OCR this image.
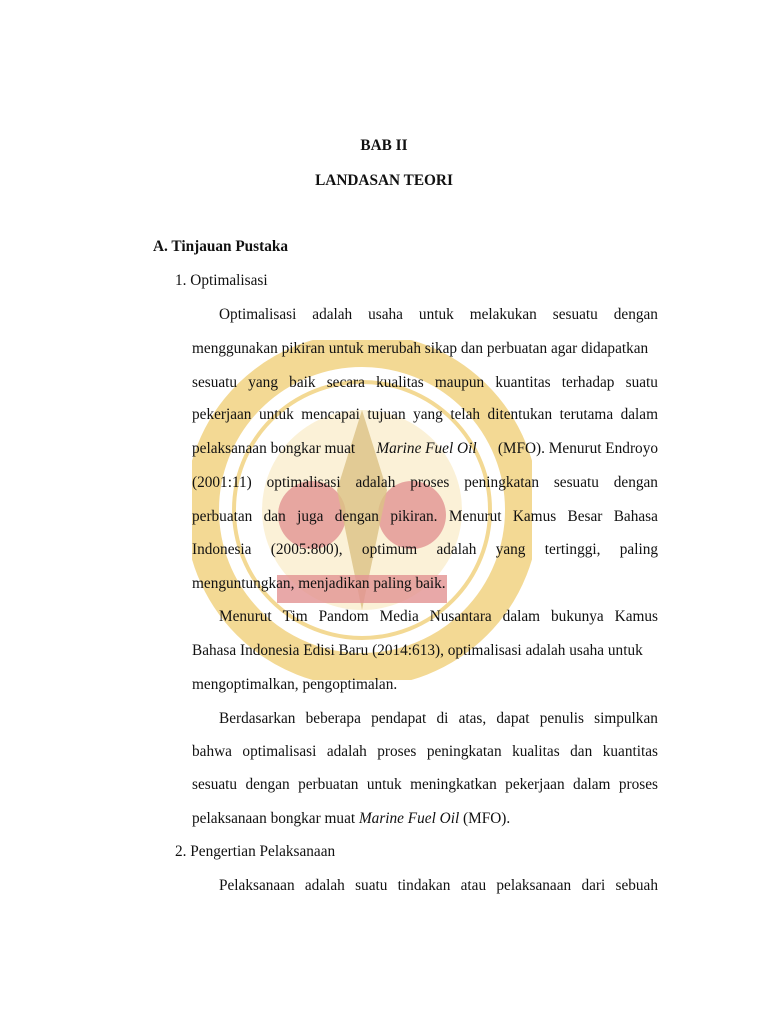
BAB II
LANDASAN TEORI
A. Tinjauan Pustaka
1. Optimalisasi
Optimalisasi adalah usaha untuk melakukan sesuatu dengan
menggunakan pikiran untuk merubah sikap dan perbuatan agar didapatkan
sesuatu yang baik secara kualitas maupun kuantitas terhadap suatu
pekerjaan untuk mencapai tujuan yang telah ditentukan terutama dalam
pelaksanaan bongkar muat Marine Fuel Oil (MFO). Menurut Endroyo
(2001:11) optimalisasi adalah proses peningkatan sesuatu dengan
perbuatan dan juga dengan pikiran. Menurut Kamus Besar Bahasa
Indonesia (2005:800), optimum adalah yang tertinggi, paling
menguntungkan, menjadikan paling baik.
Menurut Tim Pandom Media Nusantara dalam bukunya Kamus
Bahasa Indonesia Edisi Baru (2014:613), optimalisasi adalah usaha untuk
mengoptimalkan, pengoptimalan.
Berdasarkan beberapa pendapat di atas, dapat penulis simpulkan
bahwa optimalisasi adalah proses peningkatan kualitas dan kuantitas
sesuatu dengan perbuatan untuk meningkatkan pekerjaan dalam proses
pelaksanaan bongkar muat Marine Fuel Oil (MFO).
2. Pengertian Pelaksanaan
Pelaksanaan adalah suatu tindakan atau pelaksanaan dari sebuah
